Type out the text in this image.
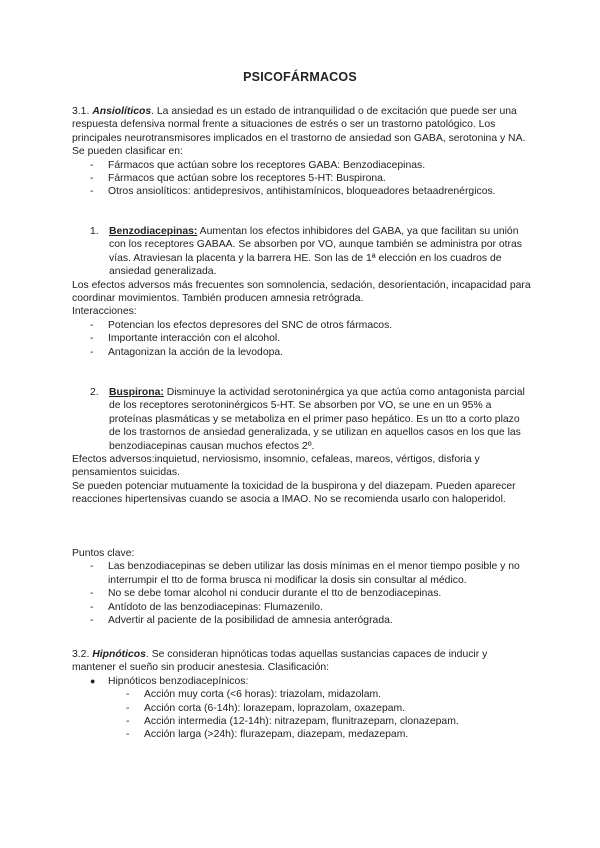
PSICOFÁRMACOS
3.1. Ansiolíticos. La ansiedad es un estado de intranquilidad o de excitación que puede ser una respuesta defensiva normal frente a situaciones de estrés o ser un trastorno patológico. Los principales neurotransmisores implicados en el trastorno de ansiedad son GABA, serotonina y NA. Se pueden clasificar en:
- Fármacos que actúan sobre los receptores GABA: Benzodiacepinas.
- Fármacos que actúan sobre los receptores 5-HT: Buspirona.
- Otros ansiolíticos: antidepresivos, antihistamínicos, bloqueadores betaadrenérgicos.
1. Benzodiacepinas: Aumentan los efectos inhibidores del GABA, ya que facilitan su unión con los receptores GABAA. Se absorben por VO, aunque también se administra por otras vías. Atraviesan la placenta y la barrera HE. Son las de 1ª elección en los cuadros de ansiedad generalizada.
Los efectos adversos más frecuentes son somnolencia, sedación, desorientación, incapacidad para coordinar movimientos. También producen amnesia retrógrada.
Interacciones:
- Potencian los efectos depresores del SNC de otros fármacos.
- Importante interacción con el alcohol.
- Antagonizan la acción de la levodopa.
2. Buspirona: Disminuye la actividad serotoninérgica ya que actúa como antagonista parcial de los receptores serotoninérgicos 5-HT. Se absorben por VO, se une en un 95% a proteínas plasmáticas y se metaboliza en el primer paso hepático. Es un tto a corto plazo de los trastornos de ansiedad generalizada, y se utilizan en aquellos casos en los que las benzodiacepinas causan muchos efectos 2º.
Efectos adversos:inquietud, nerviosismo, insomnio, cefaleas, mareos, vértigos, disforia y pensamientos suicidas.
Se pueden potenciar mutuamente la toxicidad de la buspirona y del diazepam. Pueden aparecer reacciones hipertensivas cuando se asocia a IMAO. No se recomienda usarlo con haloperidol.
Puntos clave:
- Las benzodiacepinas se deben utilizar las dosis mínimas en el menor tiempo posible y no interrumpir el tto de forma brusca ni modificar la dosis sin consultar al médico.
- No se debe tomar alcohol ni conducir durante el tto de benzodiacepinas.
- Antídoto de las benzodiacepinas: Flumazenilo.
- Advertir al paciente de la posibilidad de amnesia anterógrada.
3.2. Hipnóticos. Se consideran hipnóticas todas aquellas sustancias capaces de inducir y mantener el sueño sin producir anestesia. Clasificación:
● Hipnóticos benzodiacepínicos:
- Acción muy corta (<6 horas): triazolam, midazolam.
- Acción corta (6-14h): lorazepam, loprazolam, oxazepam.
- Acción intermedia (12-14h): nitrazepam, flunitrazepam, clonazepam.
- Acción larga (>24h): flurazepam, diazepam, medazepam.
